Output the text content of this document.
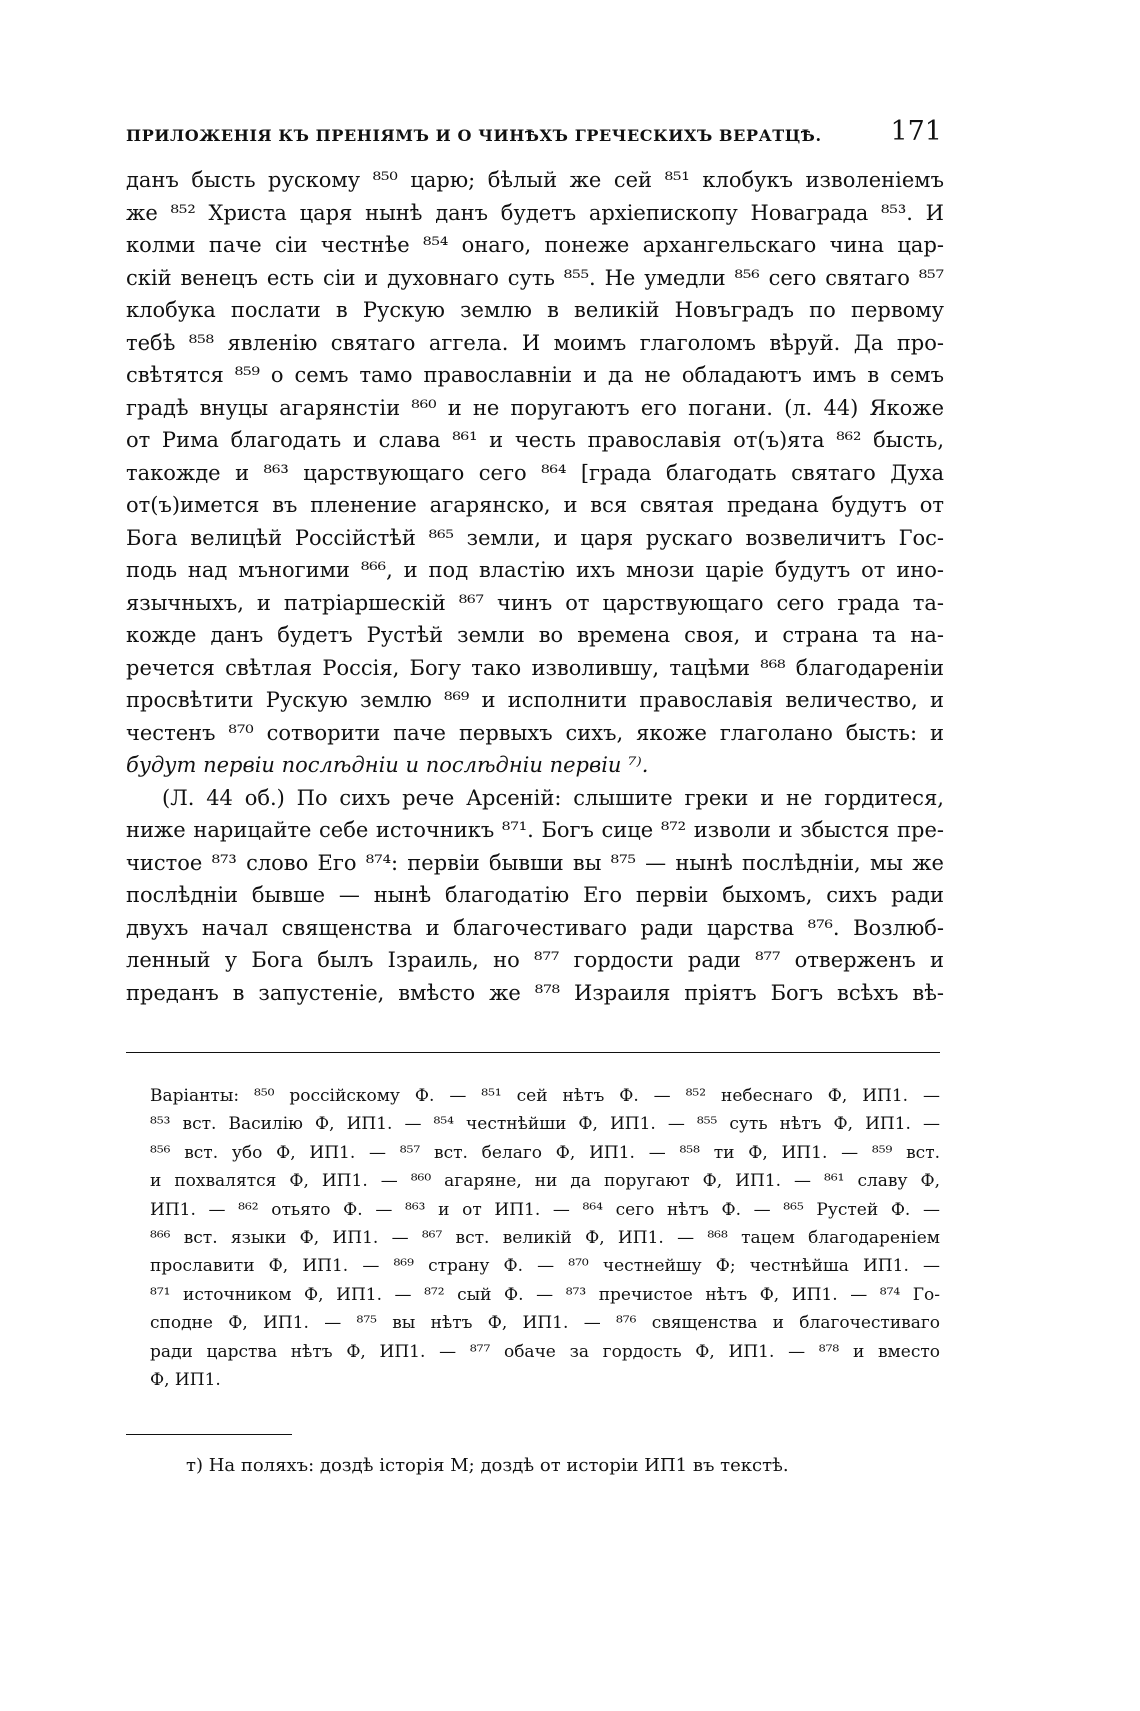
ПРИЛОЖЕНІЯ КЪ ПРЕНІЯМЪ И О ЧИНѢХЪ ГРЕЧЕСКИХЪ ВЕРАТЦѢ.	171
данъ бысть рускому ⁸⁵⁰ царю; бѣлый же сей ⁸⁵¹ клобукъ изволеніемъ
же ⁸⁵² Христа царя нынѣ данъ будетъ архіепископу Новаграда ⁸⁵³. И
колми паче сіи честнѣе ⁸⁵⁴ онаго, понеже архангельскаго чина цар-
скій венецъ есть сіи и духовнаго суть ⁸⁵⁵. Не умедли ⁸⁵⁶ сего святаго ⁸⁵⁷
клобука послати в Рускую землю в великій Новъградъ по первому
тебѣ ⁸⁵⁸ явленію святаго аггела. И моимъ глаголомъ вѣруй. Да про-
свѣтятся ⁸⁵⁹ о семъ тамо православніи и да не обладаютъ имъ в семъ
градѣ внуцы агарянстіи ⁸⁶⁰ и не поругаютъ его погани. (л. 44) Якоже
от Рима благодать и слава ⁸⁶¹ и честь православія от(ъ)ята ⁸⁶² бысть,
такожде и ⁸⁶³ царствующаго сего ⁸⁶⁴ [града благодать святаго Духа
от(ъ)имется въ пленение агарянско, и вся святая предана будутъ от
Бога велицѣй Россійстѣй ⁸⁶⁵ земли, и царя рускаго возвеличитъ Гос-
подь над мъногими ⁸⁶⁶, и под властію ихъ мнози царіе будутъ от ино-
язычныхъ, и патріаршескій ⁸⁶⁷ чинъ от царствующаго сего града та-
кожде данъ будетъ Рустѣй земли во времена своя, и страна та на-
речется свѣтлая Россія, Богу тако изволившу, тацѣми ⁸⁶⁸ благодареніи
просвѣтити Рускую землю ⁸⁶⁹ и исполнити православія величество, и
честенъ ⁸⁷⁰ сотворити паче первыхъ сихъ, якоже глаголано бысть: и
будут первіи послѣдніи и послѣдніи первіи ⁷⁾.
(Л. 44 об.) По сихъ рече Арсеній: слышите греки и не гордитеся,
ниже нарицайте себе источникъ ⁸⁷¹. Богъ сице ⁸⁷² изволи и збыстся пре-
чистое ⁸⁷³ слово Его ⁸⁷⁴: первіи бывши вы ⁸⁷⁵ — нынѣ послѣдніи, мы же
послѣдніи бывше — нынѣ благодатію Его первіи быхомъ, сихъ ради
двухъ начал священства и благочестиваго ради царства ⁸⁷⁶. Возлюб-
ленный у Бога былъ Ізраиль, но ⁸⁷⁷ гордости ради ⁸⁷⁷ отверженъ и
преданъ в запустеніе, вмѣсто же ⁸⁷⁸ Израиля пріятъ Богъ всѣхъ вѣ-
Варіанты: ⁸⁵⁰ россійскому Ф. — ⁸⁵¹ сей нѣтъ Ф. — ⁸⁵² небеснаго Ф, ИП1. —
⁸⁵³ вст. Василію Ф, ИП1. — ⁸⁵⁴ честнѣйши Ф, ИП1. — ⁸⁵⁵ суть нѣтъ Ф, ИП1. —
⁸⁵⁶ вст. убо Ф, ИП1. — ⁸⁵⁷ вст. белаго Ф, ИП1. — ⁸⁵⁸ ти Ф, ИП1. — ⁸⁵⁹ вст.
и похвалятся Ф, ИП1. — ⁸⁶⁰ агаряне, ни да поругают Ф, ИП1. — ⁸⁶¹ славу Ф,
ИП1. — ⁸⁶² отьято Ф. — ⁸⁶³ и от ИП1. — ⁸⁶⁴ сего нѣтъ Ф. — ⁸⁶⁵ Рустей Ф. —
⁸⁶⁶ вст. языки Ф, ИП1. — ⁸⁶⁷ вст. великій Ф, ИП1. — ⁸⁶⁸ тацем благодареніем
прославити Ф, ИП1. — ⁸⁶⁹ страну Ф. — ⁸⁷⁰ честнейшу Ф; честнѣйша ИП1. —
⁸⁷¹ источником Ф, ИП1. — ⁸⁷² сый Ф. — ⁸⁷³ пречистое нѣтъ Ф, ИП1. — ⁸⁷⁴ Го-
сподне Ф, ИП1. — ⁸⁷⁵ вы нѣтъ Ф, ИП1. — ⁸⁷⁶ священства и благочестиваго
ради царства нѣтъ Ф, ИП1. — ⁸⁷⁷ обаче за гордость Ф, ИП1. — ⁸⁷⁸ и вместо
Ф, ИП1.
т) На поляхъ: доздѣ історія М; доздѣ от исторіи ИП1 въ текстѣ.
